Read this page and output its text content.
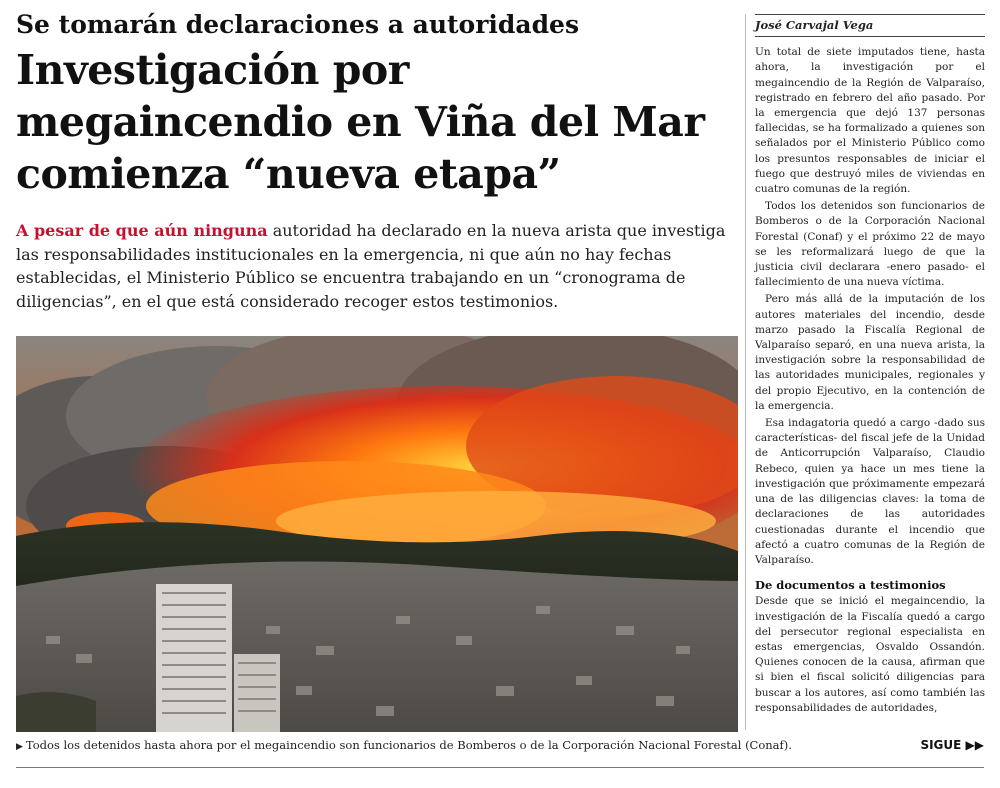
Se tomarán declaraciones a autoridades
Investigación por
megaincendio en Viña del Mar
comienza “nueva etapa”
A pesar de que aún ninguna autoridad ha declarado en la nueva arista que investiga las responsabilidades institucionales en la emergencia, ni que aún no hay fechas establecidas, el Ministerio Público se encuentra trabajando en un “cronograma de diligencias”, en el que está considerado recoger estos testimonios.
▶ Todos los detenidos hasta ahora por el megaincendio son funcionarios de Bomberos o de la Corporación Nacional Forestal (Conaf).	SIGUE ▶▶
José Carvajal Vega

Un total de siete imputados tiene, hasta ahora, la investigación por el megaincendio de la Región de Valparaíso, registrado en febrero del año pasado. Por la emergencia que dejó 137 personas fallecidas, se ha formalizado a quienes son señalados por el Ministerio Público como los presuntos responsables de iniciar el fuego que destruyó miles de viviendas en cuatro comunas de la región.

Todos los detenidos son funcionarios de Bomberos o de la Corporación Nacional Forestal (Conaf) y el próximo 22 de mayo se les reformalizará luego de que la justicia civil declarara -enero pasado- el fallecimiento de una nueva víctima.

Pero más allá de la imputación de los autores materiales del incendio, desde marzo pasado la Fiscalía Regional de Valparaíso separó, en una nueva arista, la investigación sobre la responsabilidad de las autoridades municipales, regionales y del propio Ejecutivo, en la contención de la emergencia.

Esa indagatoria quedó a cargo -dado sus características- del fiscal jefe de la Unidad de Anticorrupción Valparaíso, Claudio Rebeco, quien ya hace un mes tiene la investigación que próximamente empezará una de las diligencias claves: la toma de declaraciones de las autoridades cuestionadas durante el incendio que afectó a cuatro comunas de la Región de Valparaíso.

De documentos a testimonios

Desde que se inició el megaincendio, la investigación de la Fiscalía quedó a cargo del persecutor regional especialista en estas emergencias, Osvaldo Ossandón. Quienes conocen de la causa, afirman que si bien el fiscal solicitó diligencias para buscar a los autores, así como también las responsabilidades de autoridades,
